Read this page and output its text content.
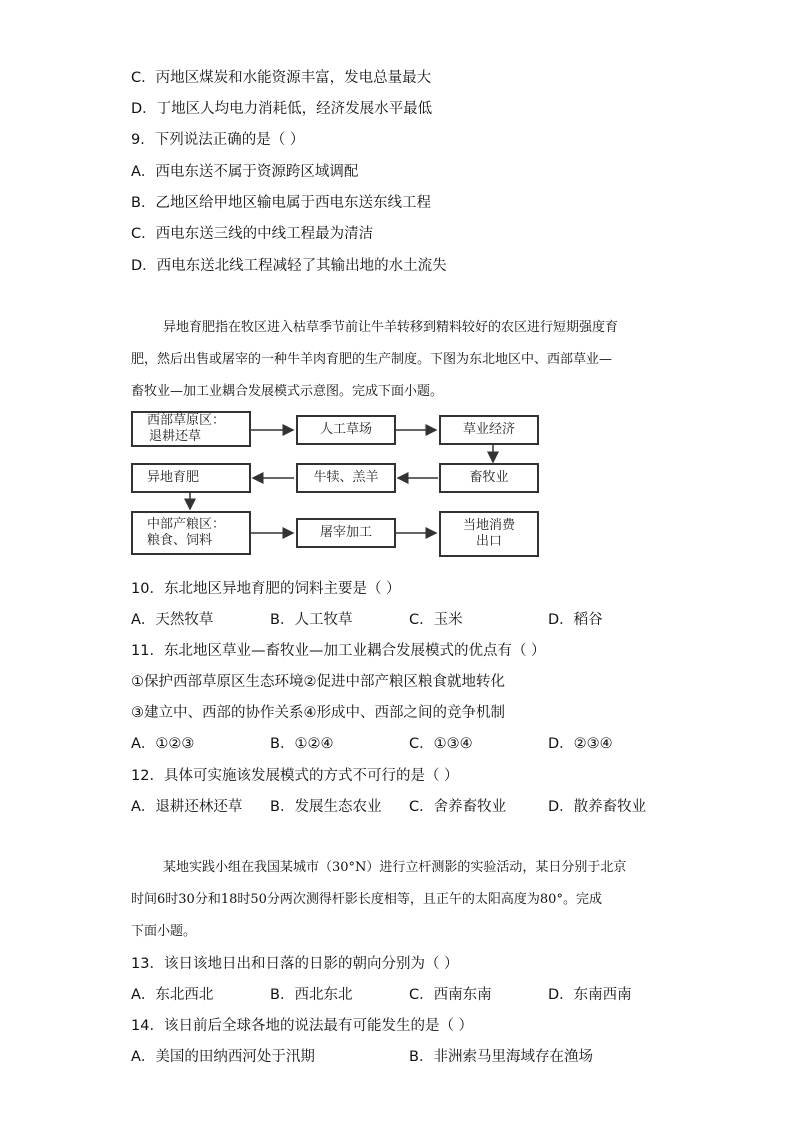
C．丙地区煤炭和水能资源丰富，发电总量最大
D．丁地区人均电力消耗低，经济发展水平最低
9．下列说法正确的是（ ）
A．西电东送不属于资源跨区域调配
B．乙地区给甲地区输电属于西电东送东线工程
C．西电东送三线的中线工程最为清洁
D．西电东送北线工程减轻了其输出地的水土流失
异地育肥指在牧区进入枯草季节前让牛羊转移到精料较好的农区进行短期强度育
肥，然后出售或屠宰的一种牛羊肉育肥的生产制度。下图为东北地区中、西部草业—
畜牧业—加工业耦合发展模式示意图。完成下面小题。
西部草原区：
退耕还草	人工草场	草业经济
畜牧业
牛犊、羔羊
异地育肥
中部产粮区：
粮食、饲料
屠宰加工	当地消费
出口
10．东北地区异地育肥的饲料主要是（ ）
A．天然牧草	B．人工牧草	C．玉米	D．稻谷
11．东北地区草业—畜牧业—加工业耦合发展模式的优点有（ ）
①保护西部草原区生态环境②促进中部产粮区粮食就地转化
③建立中、西部的协作关系④形成中、西部之间的竞争机制
A．①②③	B．①②④	C．①③④	D．②③④
12．具体可实施该发展模式的方式不可行的是（ ）
A．退耕还林还草 B．发展生态农业 C．舍养畜牧业	D．散养畜牧业
某地实践小组在我国某城市（30°N）进行立杆测影的实验活动，某日分别于北京
时间6时30分和18时50分两次测得杆影长度相等，且正午的太阳高度为80°。完成
下面小题。
13．该日该地日出和日落的日影的朝向分别为（ ）
A．东北西北	B．西北东北	C．西南东南	D．东南西南
14．该日前后全球各地的说法最有可能发生的是（ ）
A．美国的田纳西河处于汛期	B．非洲索马里海域存在渔场
